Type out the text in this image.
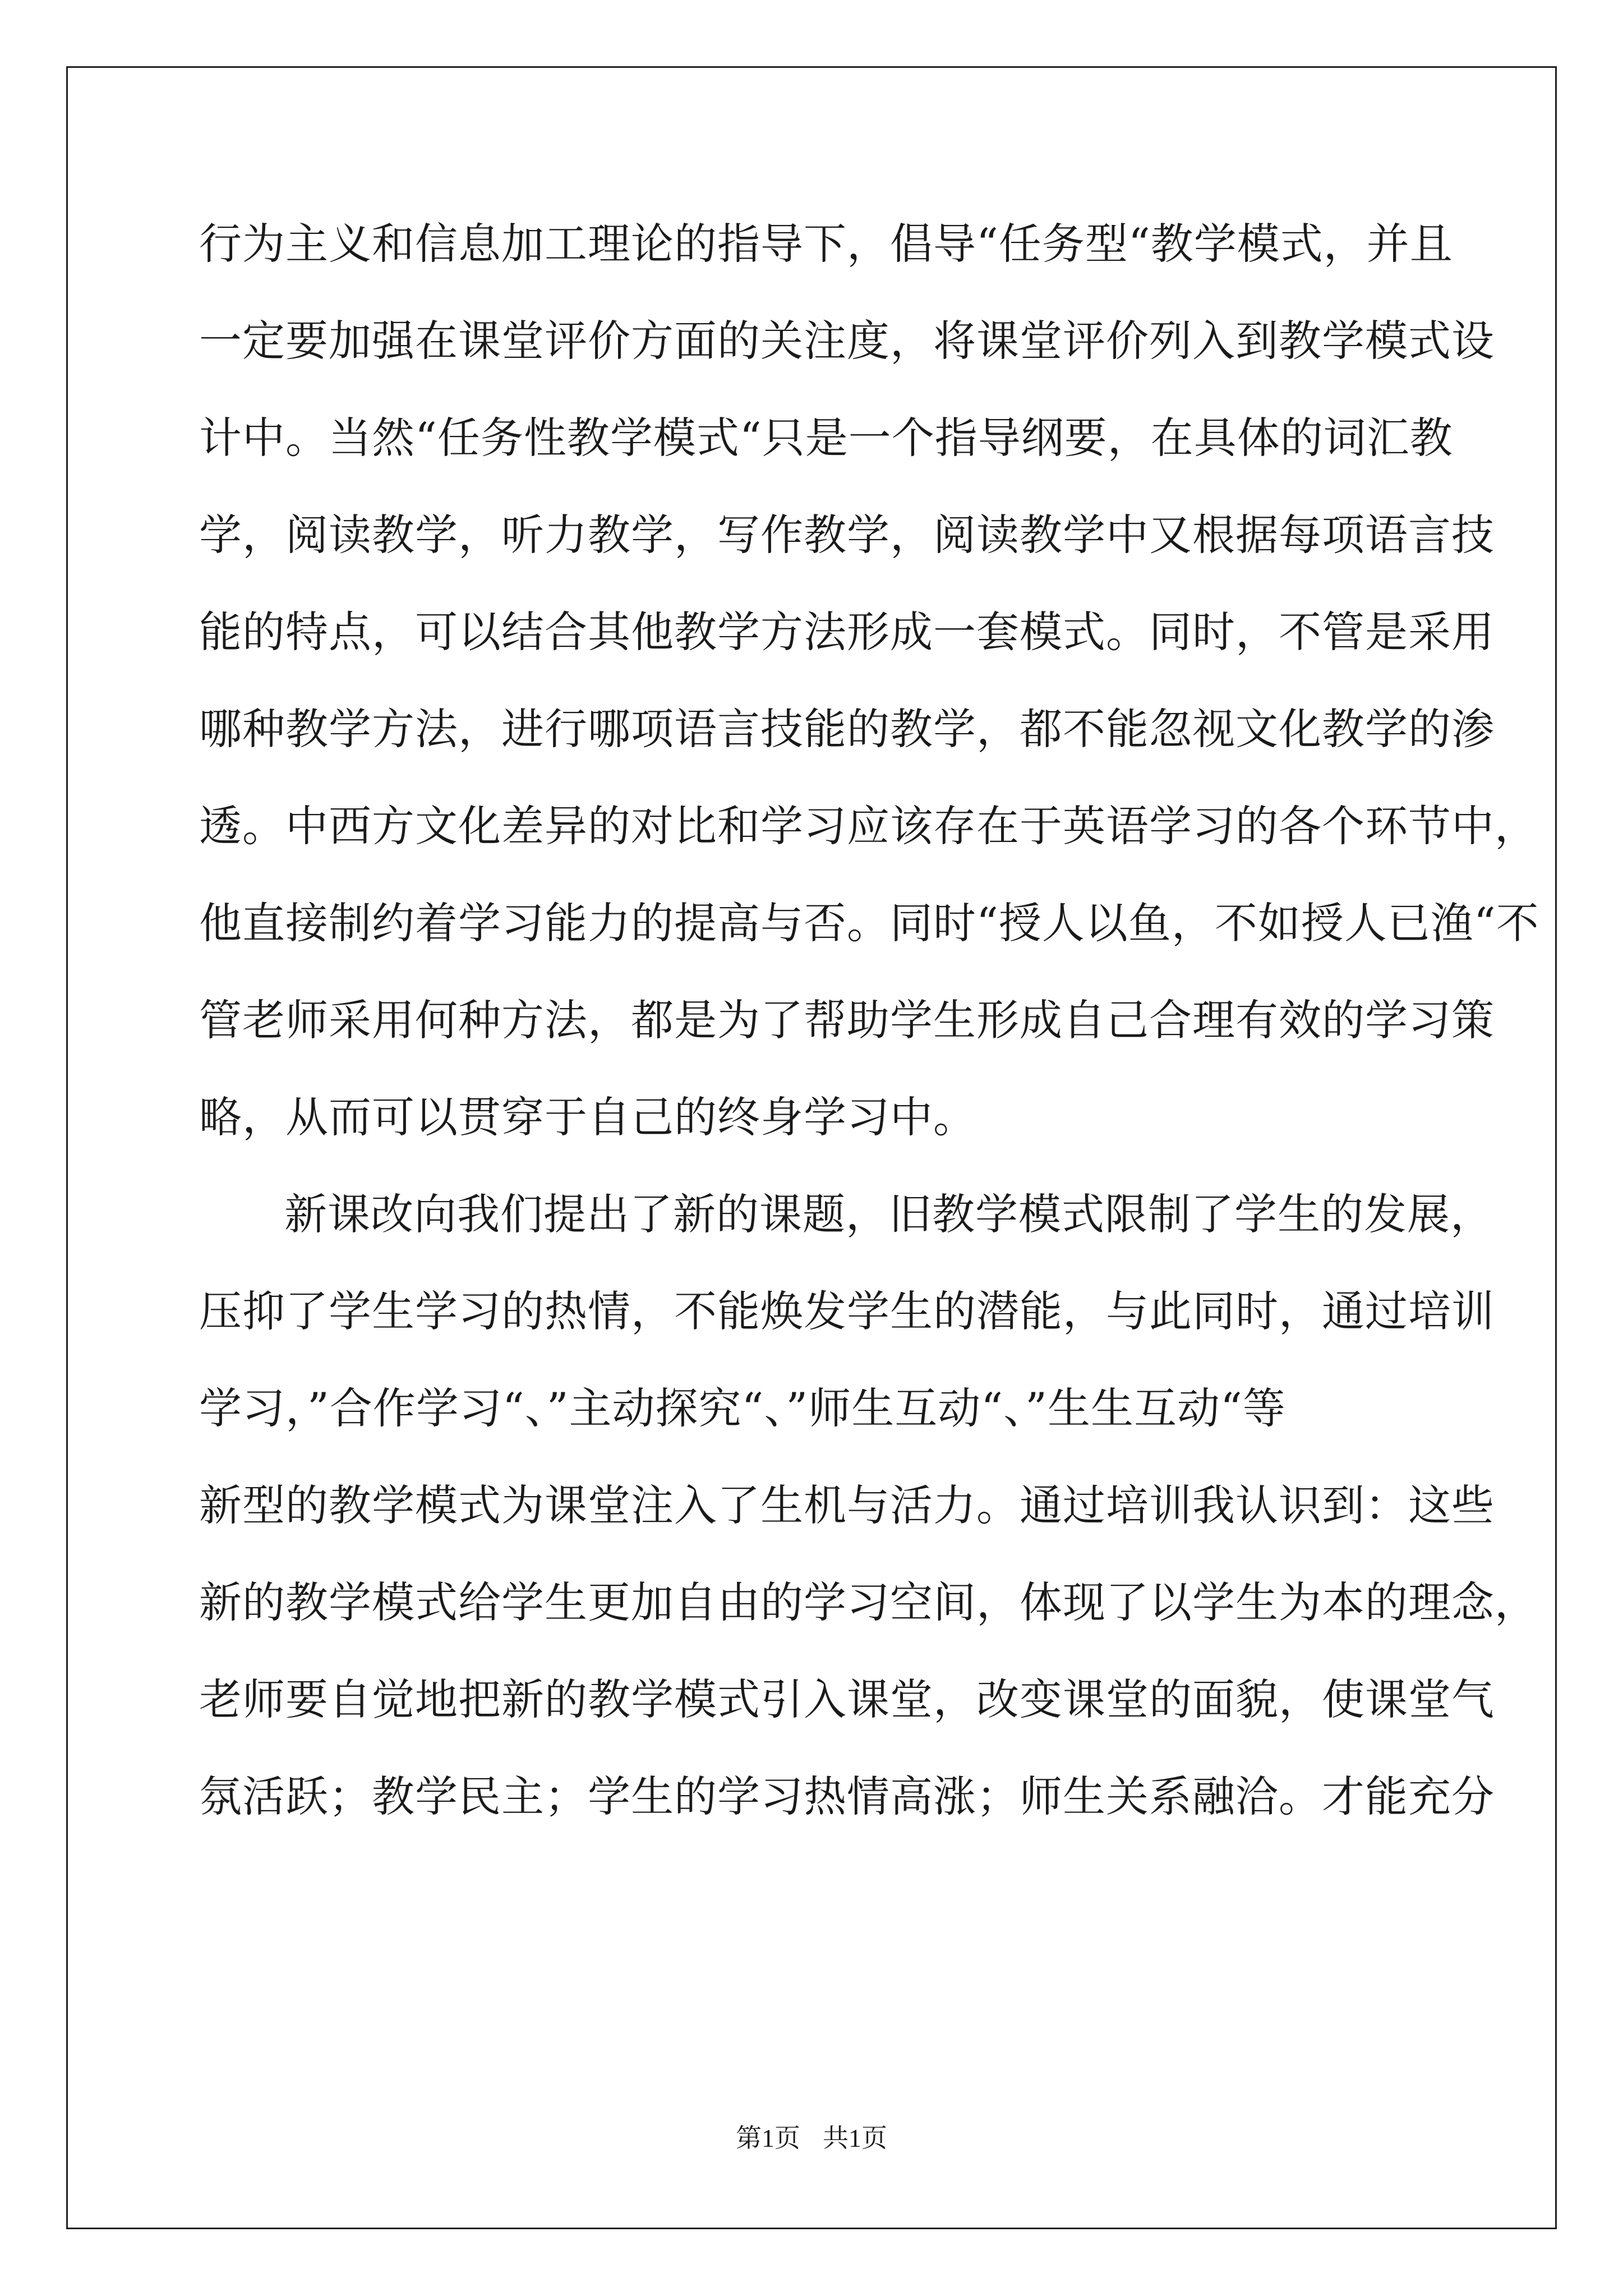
行为主义和信息加工理论的指导下，倡导“任务型“教学模式，并且
一定要加强在课堂评价方面的关注度，将课堂评价列入到教学模式设
计中。当然“任务性教学模式“只是一个指导纲要，在具体的词汇教
学，阅读教学，听力教学，写作教学，阅读教学中又根据每项语言技
能的特点，可以结合其他教学方法形成一套模式。同时，不管是采用
哪种教学方法，进行哪项语言技能的教学，都不能忽视文化教学的渗
透。中西方文化差异的对比和学习应该存在于英语学习的各个环节中，
他直接制约着学习能力的提高与否。同时“授人以鱼，不如授人已渔“不
管老师采用何种方法，都是为了帮助学生形成自己合理有效的学习策
略，从而可以贯穿于自己的终身学习中。
新课改向我们提出了新的课题，旧教学模式限制了学生的发展，
压抑了学生学习的热情，不能焕发学生的潜能，与此同时，通过培训
学习，”合作学习“、”主动探究“、”师生互动“、”生生互动“等
新型的教学模式为课堂注入了生机与活力。通过培训我认识到：这些
新的教学模式给学生更加自由的学习空间，体现了以学生为本的理念，
老师要自觉地把新的教学模式引入课堂，改变课堂的面貌，使课堂气
氛活跃；教学民主；学生的学习热情高涨；师生关系融洽。才能充分
第1页 共1页
